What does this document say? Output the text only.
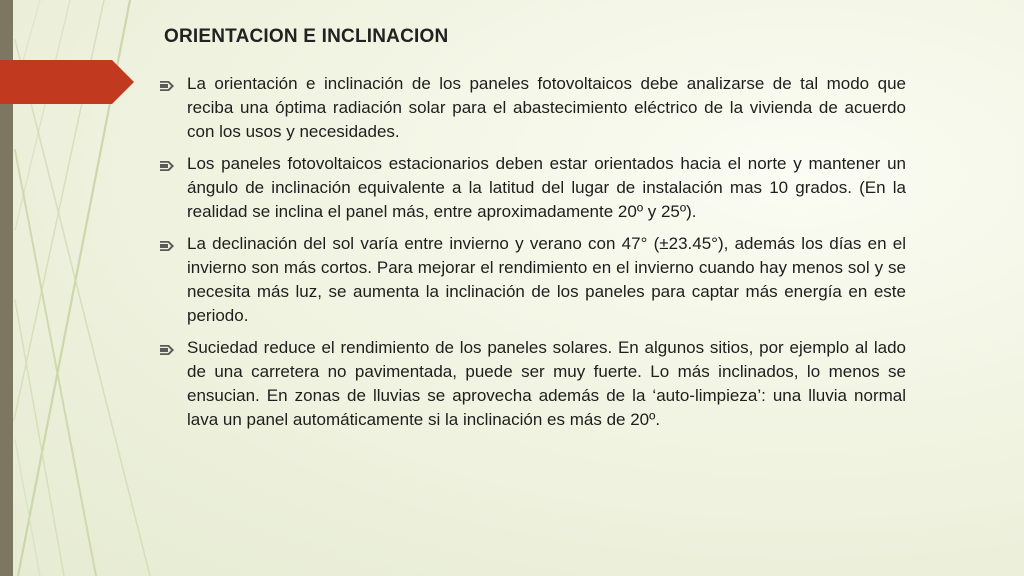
ORIENTACION E INCLINACION
La orientación e inclinación de los paneles fotovoltaicos debe analizarse de tal modo que reciba una óptima radiación solar para el abastecimiento eléctrico de la vivienda de acuerdo con los usos y necesidades.
Los paneles fotovoltaicos estacionarios deben estar orientados hacia el norte y mantener un ángulo de inclinación equivalente a la latitud del lugar de instalación mas 10 grados. (En la realidad se inclina el panel más, entre aproximadamente 20º y 25º).
La declinación del sol varía entre invierno y verano con 47° (±23.45°), además los días en el invierno son más cortos. Para mejorar el rendimiento en el invierno cuando hay menos sol y se necesita más luz, se aumenta la inclinación de los paneles para captar más energía en este periodo.
Suciedad reduce el rendimiento de los paneles solares. En algunos sitios, por ejemplo al lado de una carretera no pavimentada, puede ser muy fuerte. Lo más inclinados, lo menos se ensucian. En zonas de lluvias se aprovecha además de la ‘auto-limpieza’: una lluvia normal lava un panel automáticamente si la inclinación es más de 20º.
